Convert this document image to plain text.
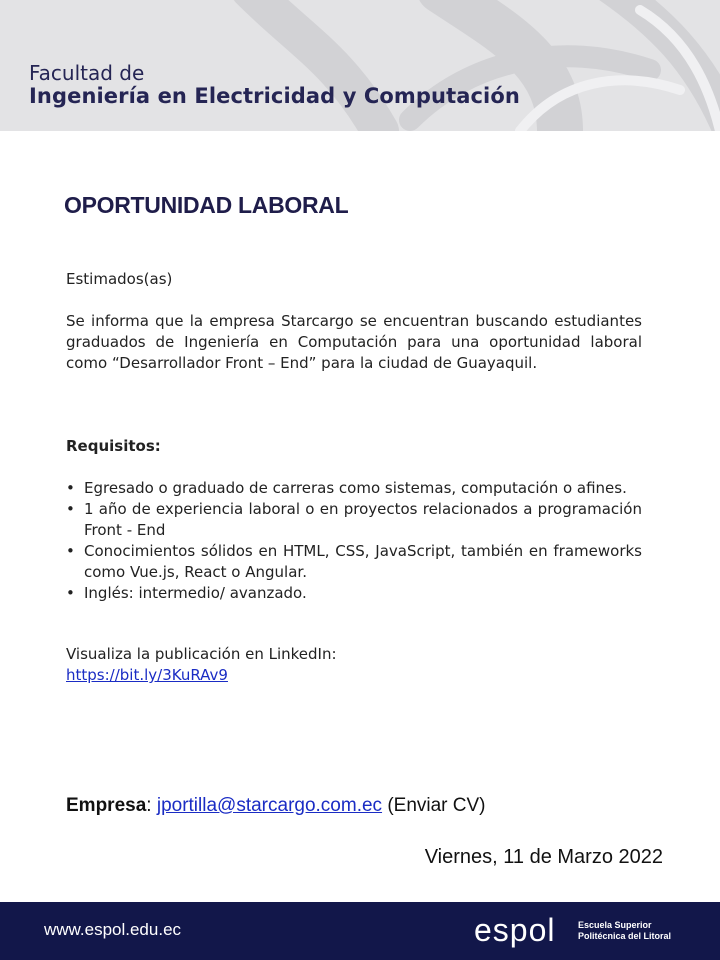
Facultad de
Ingeniería en Electricidad y Computación
OPORTUNIDAD LABORAL
Estimados(as)
Se informa que la empresa Starcargo se encuentran buscando estudiantes graduados de Ingeniería en Computación para una oportunidad laboral como “Desarrollador Front – End” para la ciudad de Guayaquil.
Requisitos:
• Egresado o graduado de carreras como sistemas, computación o afines.
• 1 año de experiencia laboral o en proyectos relacionados a programación Front - End
• Conocimientos sólidos en HTML, CSS, JavaScript, también en frameworks como Vue.js, React o Angular.
• Inglés: intermedio/ avanzado.
Visualiza la publicación en LinkedIn:
https://bit.ly/3KuRAv9
Empresa: jportilla@starcargo.com.ec (Enviar CV)
Viernes, 11 de Marzo 2022
www.espol.edu.ec	espol	Escuela Superior
Politécnica del Litoral
